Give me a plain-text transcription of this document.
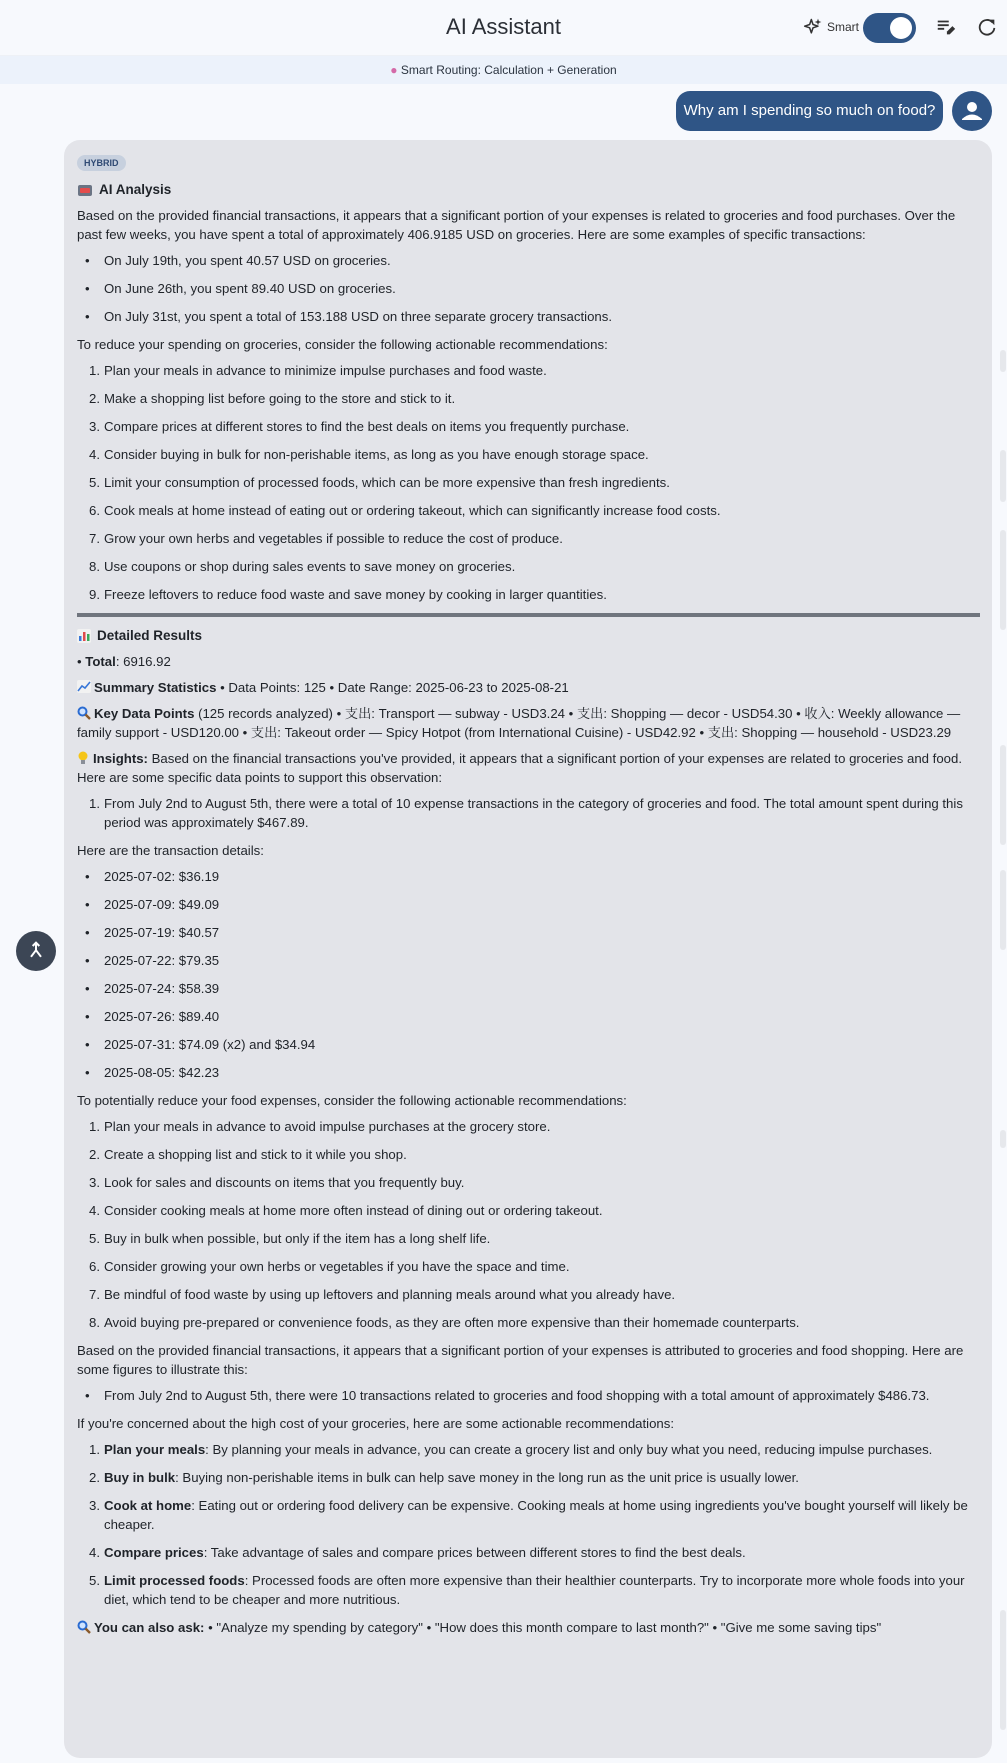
AI Assistant	Smart
● Smart Routing: Calculation + Generation
Why am I spending so much on food?
HYBRID
AI Analysis
Based on the provided financial transactions, it appears that a significant portion of your expenses is related to groceries and food purchases. Over the past few weeks, you have spent a total of approximately 406.9185 USD on groceries. Here are some examples of specific transactions:
• On July 19th, you spent 40.57 USD on groceries.
• On June 26th, you spent 89.40 USD on groceries.
• On July 31st, you spent a total of 153.188 USD on three separate grocery transactions.
To reduce your spending on groceries, consider the following actionable recommendations:
1. Plan your meals in advance to minimize impulse purchases and food waste.
2. Make a shopping list before going to the store and stick to it.
3. Compare prices at different stores to find the best deals on items you frequently purchase.
4. Consider buying in bulk for non-perishable items, as long as you have enough storage space.
5. Limit your consumption of processed foods, which can be more expensive than fresh ingredients.
6. Cook meals at home instead of eating out or ordering takeout, which can significantly increase food costs.
7. Grow your own herbs and vegetables if possible to reduce the cost of produce.
8. Use coupons or shop during sales events to save money on groceries.
9. Freeze leftovers to reduce food waste and save money by cooking in larger quantities.
Detailed Results
• Total: 6916.92
Summary Statistics • Data Points: 125 • Date Range: 2025-06-23 to 2025-08-21
Key Data Points (125 records analyzed) • 支出: Transport — subway - USD3.24 • 支出: Shopping — decor - USD54.30 • 收入: Weekly allowance — family support - USD120.00 • 支出: Takeout order — Spicy Hotpot (from International Cuisine) - USD42.92 • 支出: Shopping — household - USD23.29
Insights: Based on the financial transactions you've provided, it appears that a significant portion of your expenses are related to groceries and food. Here are some specific data points to support this observation:
1. From July 2nd to August 5th, there were a total of 10 expense transactions in the category of groceries and food. The total amount spent during this period was approximately $467.89.
Here are the transaction details:
• 2025-07-02: $36.19
• 2025-07-09: $49.09
• 2025-07-19: $40.57
• 2025-07-22: $79.35
• 2025-07-24: $58.39
• 2025-07-26: $89.40
• 2025-07-31: $74.09 (x2) and $34.94
• 2025-08-05: $42.23
To potentially reduce your food expenses, consider the following actionable recommendations:
1. Plan your meals in advance to avoid impulse purchases at the grocery store.
2. Create a shopping list and stick to it while you shop.
3. Look for sales and discounts on items that you frequently buy.
4. Consider cooking meals at home more often instead of dining out or ordering takeout.
5. Buy in bulk when possible, but only if the item has a long shelf life.
6. Consider growing your own herbs or vegetables if you have the space and time.
7. Be mindful of food waste by using up leftovers and planning meals around what you already have.
8. Avoid buying pre-prepared or convenience foods, as they are often more expensive than their homemade counterparts.
Based on the provided financial transactions, it appears that a significant portion of your expenses is attributed to groceries and food shopping. Here are some figures to illustrate this:
• From July 2nd to August 5th, there were 10 transactions related to groceries and food shopping with a total amount of approximately $486.73.
If you're concerned about the high cost of your groceries, here are some actionable recommendations:
1. Plan your meals: By planning your meals in advance, you can create a grocery list and only buy what you need, reducing impulse purchases.
2. Buy in bulk: Buying non-perishable items in bulk can help save money in the long run as the unit price is usually lower.
3. Cook at home: Eating out or ordering food delivery can be expensive. Cooking meals at home using ingredients you've bought yourself will likely be cheaper.
4. Compare prices: Take advantage of sales and compare prices between different stores to find the best deals.
5. Limit processed foods: Processed foods are often more expensive than their healthier counterparts. Try to incorporate more whole foods into your diet, which tend to be cheaper and more nutritious.
You can also ask: • "Analyze my spending by category" • "How does this month compare to last month?" • "Give me some saving tips"
